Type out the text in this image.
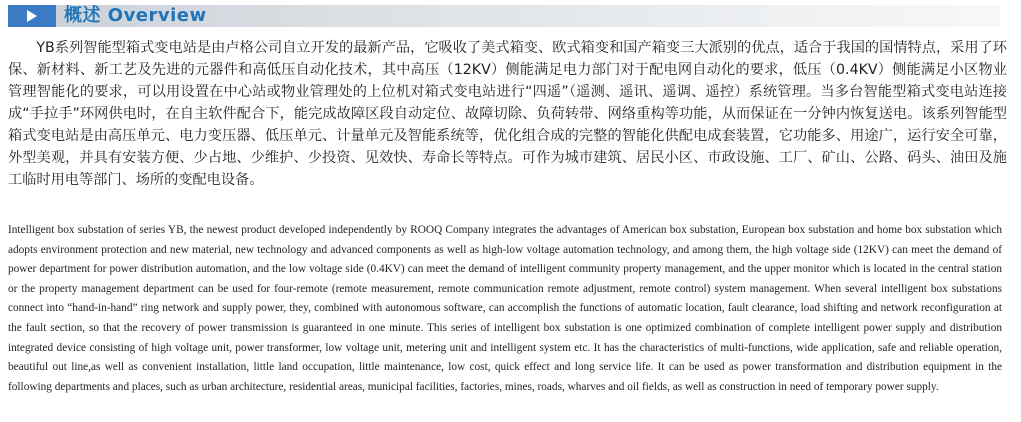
概述 Overview

YB系列智能型箱式变电站是由卢格公司自立开发的最新产品，它吸收了美式箱变、欧式箱变和国产箱变三大派别的优点，适合于我国的国情特点，采用了环保、新材料、新工艺及先进的元器件和高低压自动化技术，其中高压（12KV）侧能满足电力部门对于配电网自动化的要求，低压（0.4KV）侧能满足小区物业管理智能化的要求，可以用设置在中心站或物业管理处的上位机对箱式变电站进行“四遥”（遥测、遥讯、遥调、遥控）系统管理。当多台智能型箱式变电站连接成“手拉手”环网供电时，在自主软件配合下，能完成故障区段自动定位、故障切除、负荷转带、网络重构等功能，从而保证在一分钟内恢复送电。该系列智能型箱式变电站是由高压单元、电力变压器、低压单元、计量单元及智能系统等，优化组合成的完整的智能化供配电成套装置，它功能多、用途广，运行安全可靠，外型美观，并具有安装方便、少占地、少维护、少投资、见效快、寿命长等特点。可作为城市建筑、居民小区、市政设施、工厂、矿山、公路、码头、油田及施工临时用电等部门、场所的变配电设备。

Intelligent box substation of series YB, the newest product developed independently by ROOQ Company integrates the advantages of American box substation, European box substation and home box substation which adopts environment protection and new material, new technology and advanced components as well as high-low voltage automation technology, and among them, the high voltage side (12KV) can meet the demand of power department for power distribution automation, and the low voltage side (0.4KV) can meet the demand of intelligent community property management, and the upper monitor which is located in the central station or the property management department can be used for four-remote (remote measurement, remote communication remote adjustment, remote control) system management. When several intelligent box substations connect into “hand-in-hand” ring network and supply power, they, combined with autonomous software, can accomplish the functions of automatic location, fault clearance, load shifting and network reconfiguration at the fault section, so that the recovery of power transmission is guaranteed in one minute. This series of intelligent box substation is one optimized combination of complete intelligent power supply and distribution integrated device consisting of high voltage unit, power transformer, low voltage unit, metering unit and intelligent system etc. It has the characteristics of multi-functions, wide application, safe and reliable operation, beautiful out line,as well as convenient installation, little land occupation, little maintenance, low cost, quick effect and long service life. It can be used as power transformation and distribution equipment in the following departments and places, such as urban architecture, residential areas, municipal facilities, factories, mines, roads, wharves and oil fields, as well as construction in need of temporary power supply.
